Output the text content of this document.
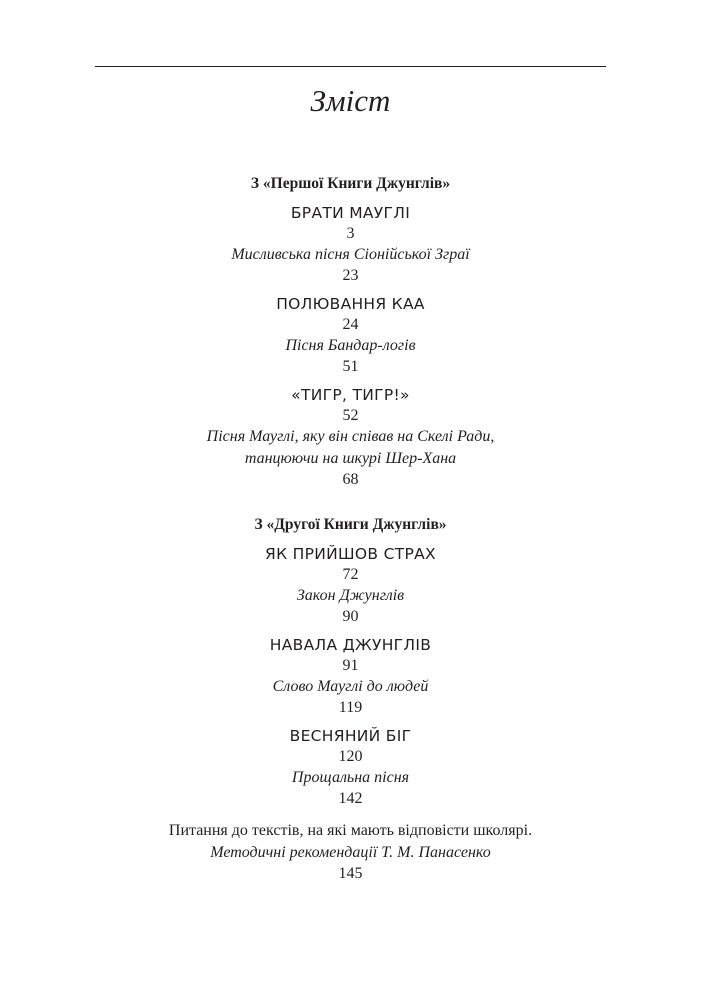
Зміст
З «Першої Книги Джунглів»
БРАТИ МАУГЛІ
3
Мисливська пісня Сіонійської Зграї
23
ПОЛЮВАННЯ КАА
24
Пісня Бандар-логів
51
«ТИГР, ТИГР!»
52
Пісня Мауглі, яку він співав на Скелі Ради,
танцюючи на шкурі Шер-Хана
68
З «Другої Книги Джунглів»
ЯК ПРИЙШОВ СТРАХ
72
Закон Джунглів
90
НАВАЛА ДЖУНГЛІВ
91
Слово Мауглі до людей
119
ВЕСНЯНИЙ БІГ
120
Прощальна пісня
142
Питання до текстів, на які мають відповісти школярі.
Методичні рекомендації Т. М. Панасенко
145
